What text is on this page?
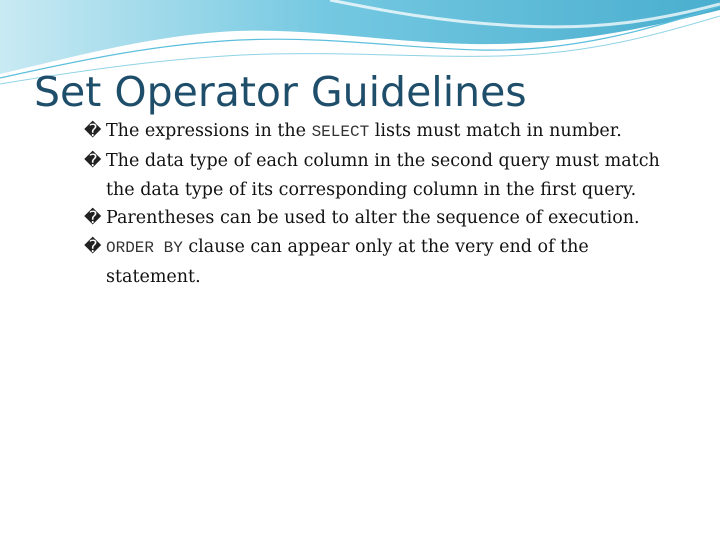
Set Operator Guidelines
� The expressions in the SELECT lists must match in number.
� The data type of each column in the second query must match the data type of its corresponding column in the first query.
� Parentheses can be used to alter the sequence of execution.
� ORDER BY clause can appear only at the very end of the statement.
